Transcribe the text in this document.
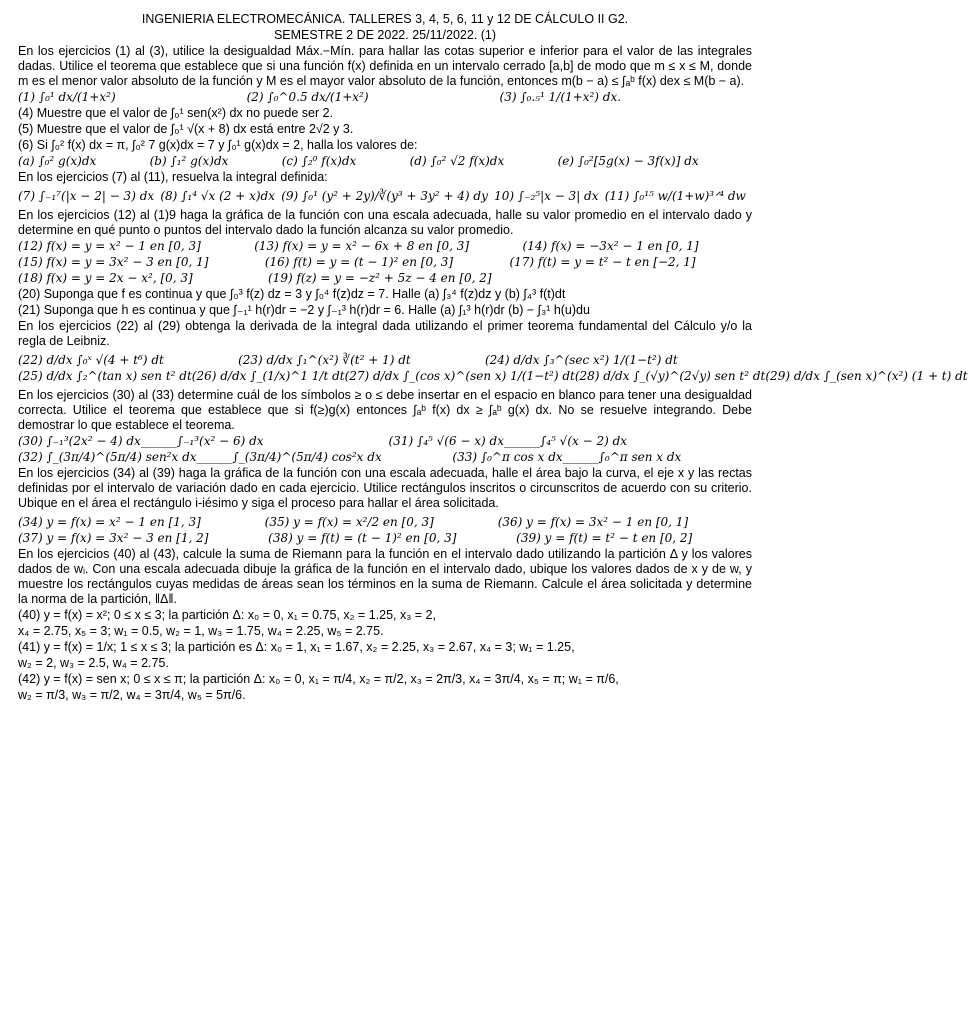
INGENIERIA ELECTROMECÁNICA. TALLERES 3, 4, 5, 6, 11 y 12 DE CÁLCULO II G2.
SEMESTRE 2 DE 2022. 25/11/2022. (1)
En los ejercicios (1) al (3), utilice la desigualdad Máx.−Mín. para hallar las cotas superior e inferior para el valor de las integrales dadas. Utilice el teorema que establece que si una función f(x) definida en un intervalo cerrado [a,b] de modo que m ≤ x ≤ M, donde m es el menor valor absoluto de la función y M es el mayor valor absoluto de la función, entonces m(b − a) ≤ ∫ₐᵇ f(x) dex ≤ M(b − a).
(1) ∫₀¹ dx/(1+x²)	(2) ∫₀^0.5 dx/(1+x²)	(3) ∫₀.₅¹ 1/(1+x²) dx.
(4) Muestre que el valor de ∫₀¹ sen(x²) dx no puede ser 2.
(5) Muestre que el valor de ∫₀¹ √(x + 8) dx está entre 2√2 y 3.
(6) Si ∫₀² f(x) dx = π, ∫₀² 7 g(x)dx = 7 y ∫₀¹ g(x)dx = 2, halla los valores de:
(a) ∫₀² g(x)dx	(b) ∫₁² g(x)dx	(c) ∫₂⁰ f(x)dx	(d) ∫₀² √2 f(x)dx	(e) ∫₀²[5g(x) − 3f(x)] dx
En los ejercicios (7) al (11), resuelva la integral definida:
(7) ∫₋₁⁷(|x − 2| − 3) dx (8) ∫₁⁴ √x (2 + x)dx (9) ∫₀¹ (y² + 2y)/∛(y³ + 3y² + 4) dy 10) ∫₋₂⁵|x − 3| dx (11) ∫₀¹⁵ w/(1+w)³ᐟ⁴ dw
En los ejercicios (12) al (1)9 haga la gráfica de la función con una escala adecuada, halle su valor promedio en el intervalo dado y determine en qué punto o puntos del intervalo dado la función alcanza su valor promedio.
(12) f(x) = y = x² − 1 en [0, 3]	(13) f(x) = y = x² − 6x + 8 en [0, 3]	(14) f(x) = −3x² − 1 en [0, 1]
(15) f(x) = y = 3x² − 3 en [0, 1]	(16) f(t) = y = (t − 1)² en [0, 3]	(17) f(t) = y = t² − t en [−2, 1]
(18) f(x) = y = 2x − x², [0, 3]	(19) f(z) = y = −z² + 5z − 4 en [0, 2]
(20) Suponga que f es continua y que ∫₀³ f(z) dz = 3 y ∫₀⁴ f(z)dz = 7. Halle (a) ∫₃⁴ f(z)dz y (b) ∫₄³ f(t)dt
(21) Suponga que h es continua y que ∫₋₁¹ h(r)dr = −2 y ∫₋₁³ h(r)dr = 6. Halle (a) ∫₁³ h(r)dr (b) − ∫₃¹ h(u)du
En los ejercicios (22) al (29) obtenga la derivada de la integral dada utilizando el primer teorema fundamental del Cálculo y/o la regla de Leibniz.
(22) d/dx ∫₀ˣ √(4 + t⁶) dt	(23) d/dx ∫₁^(x²) ∛(t² + 1) dt	(24) d/dx ∫₃^(sec x²) 1/(1−t²) dt
(25) d/dx ∫₂^(tan x) sen t² dt (26) d/dx ∫_(1/x)^1 1/t dt (27) d/dx ∫_(cos x)^(sen x) 1/(1−t²) dt (28) d/dx ∫_(√y)^(2√y) sen t² dt (29) d/dx ∫_(sen x)^(x²) (1 + t) dt
En los ejercicios (30) al (33) determine cuál de los símbolos ≥ o ≤ debe insertar en el espacio en blanco para tener una desigualdad correcta. Utilice el teorema que establece que si f(≥)g(x) entonces ∫ₐᵇ f(x) dx ≥ ∫ₐᵇ g(x) dx. No se resuelve integrando. Debe demostrar lo que establece el teorema.
(30) ∫₋₁³(2x² − 4) dx______∫₋₁³(x² − 6) dx	(31) ∫₄⁵ √(6 − x) dx______∫₄⁵ √(x − 2) dx
(32) ∫_(3π/4)^(5π/4) sen²x dx______∫_(3π/4)^(5π/4) cos²x dx	(33) ∫₀^π cos x dx______∫₀^π sen x dx
En los ejercicios (34) al (39) haga la gráfica de la función con una escala adecuada, halle el área bajo la curva, el eje x y las rectas definidas por el intervalo de variación dado en cada ejercicio. Utilice rectángulos inscritos o circunscritos de acuerdo con su criterio. Ubique en el área el rectángulo i-iésimo y siga el proceso para hallar el área solicitada.
(34) y = f(x) = x² − 1 en [1, 3]	(35) y = f(x) = x²/2 en [0, 3]	(36) y = f(x) = 3x² − 1 en [0, 1]
(37) y = f(x) = 3x² − 3 en [1, 2]	(38) y = f(t) = (t − 1)² en [0, 3]	(39) y = f(t) = t² − t en [0, 2]
En los ejercicios (40) al (43), calcule la suma de Riemann para la función en el intervalo dado utilizando la partición Δ y los valores dados de wᵢ. Con una escala adecuada dibuje la gráfica de la función en el intervalo dado, ubique los valores dados de x y de w, y muestre los rectángulos cuyas medidas de áreas sean los términos en la suma de Riemann. Calcule el área solicitada y determine la norma de la partición, ‖Δ‖.
(40) y = f(x) = x²; 0 ≤ x ≤ 3; la partición Δ: x₀ = 0, x₁ = 0.75, x₂ = 1.25, x₃ = 2,
x₄ = 2.75, x₅ = 3; w₁ = 0.5, w₂ = 1, w₃ = 1.75, w₄ = 2.25, w₅ = 2.75.
(41) y = f(x) = 1/x; 1 ≤ x ≤ 3; la partición es Δ: x₀ = 1, x₁ = 1.67, x₂ = 2.25, x₃ = 2.67, x₄ = 3; w₁ = 1.25,
w₂ = 2, w₃ = 2.5, w₄ = 2.75.
(42) y = f(x) = sen x; 0 ≤ x ≤ π; la partición Δ: x₀ = 0, x₁ = π/4, x₂ = π/2, x₃ = 2π/3, x₄ = 3π/4, x₅ = π; w₁ = π/6,
w₂ = π/3, w₃ = π/2, w₄ = 3π/4, w₅ = 5π/6.
